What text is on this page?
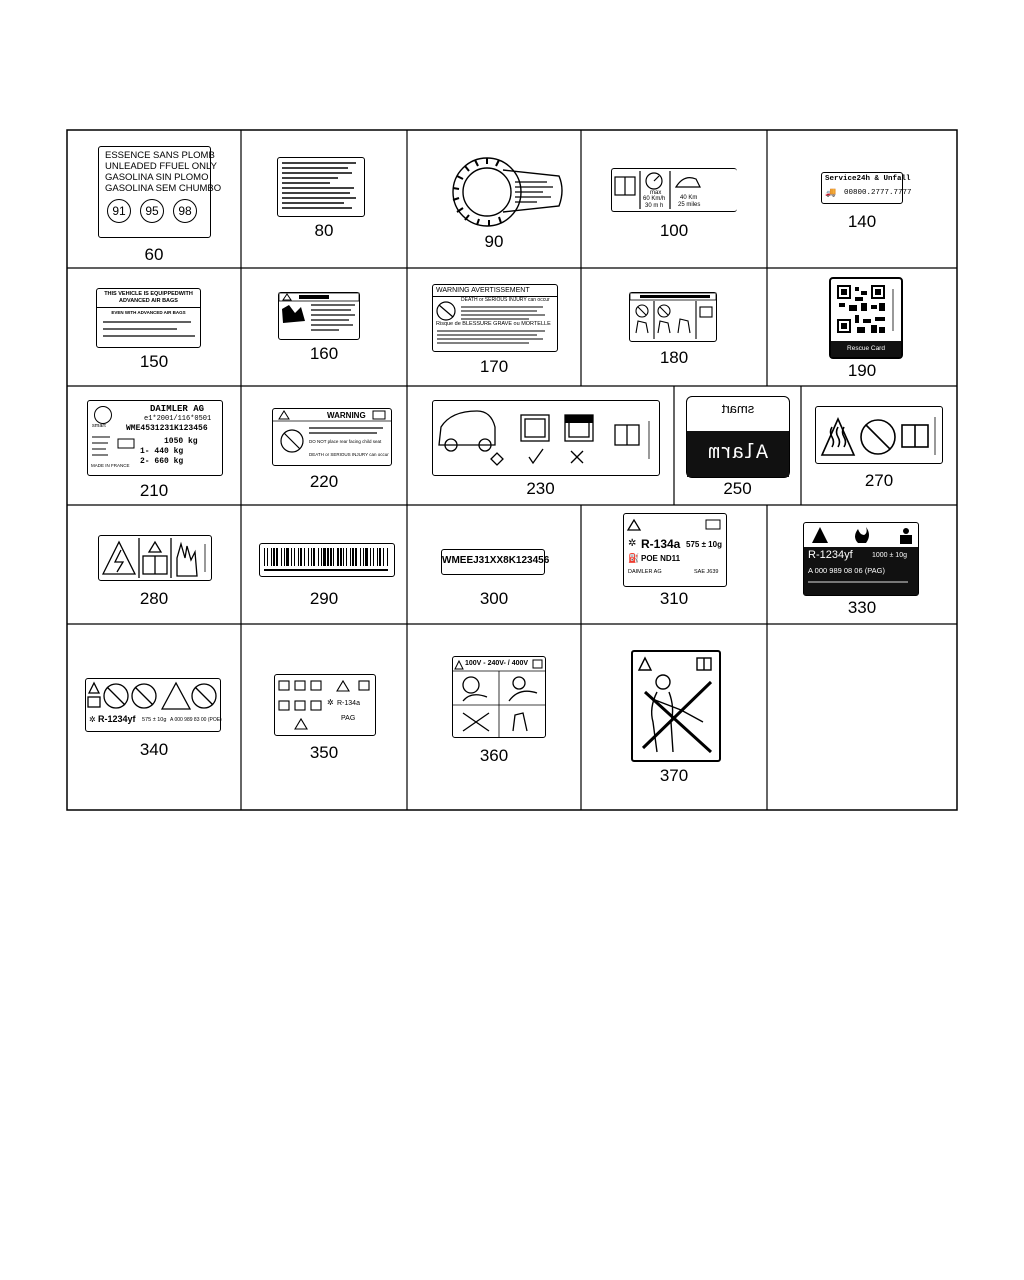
ESSENCE SANS PLOMB
UNLEADED FFUEL ONLY
GASOLINA SIN PLOMO
GASOLINA SEM CHUMBO
91	95	98
60
80
90
max
60 Km/h
30 m h
40 Km
25 miles
100
Service24h & Unfall
🚚 00800.2777.7777
140
THIS VEHICLE IS EQUIPPEDWITH
ADVANCED AIR BAGS
EVEN WITH ADVANCED AIR BAGS
150	160
WARNING AVERTISSEMENT
DEATH or SERIOUS INJURY can occur
Risque de BLESSURE GRAVE ou MORTELLE
170	180	Rescue Card
190
smart
DAIMLER AG
e1*2001/116*0501
WME4531231K123456
1050 kg
1- 440 kg
2- 660 kg
MADE IN FRANCE
210
WARNING
DO NOT place rear facing child seat
DEATH or SERIOUS INJURY can occur
220	230
smart
Alarm
250	270
280	290
WMEEJ31XX8K123456
300
✲ R-134a 575 ± 10g
⛽ POE ND11
DAIMLER AG	SAE J639
310
R-1234yf	1000 ± 10g
A 000 989 08 06 (PAG)
330
✲ R-1234yf 575 ± 10g A 000 989 83 00 (POE)
340
✲ R-134a
PAG
350
100V - 240V- / 400V
360
370
